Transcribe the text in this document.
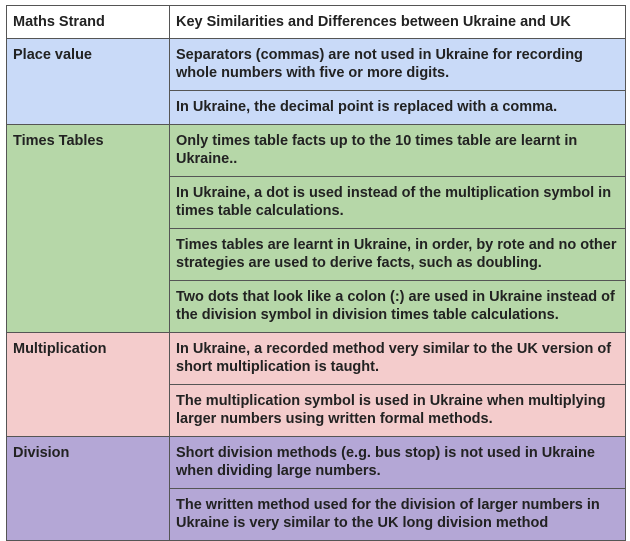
Maths Strand	Key Similarities and Differences between Ukraine and UK
Place value	Separators (commas) are not used in Ukraine for recording whole numbers with five or more digits.
	In Ukraine, the decimal point is replaced with a comma.
Times Tables	Only times table facts up to the 10 times table are learnt in Ukraine..
	In Ukraine, a dot is used instead of the multiplication symbol in times table calculations.
	Times tables are learnt in Ukraine, in order, by rote and no other strategies are used to derive facts, such as doubling.
	Two dots that look like a colon (:) are used in Ukraine instead of the division symbol in division times table calculations.
Multiplication	In Ukraine, a recorded method very similar to the UK version of short multiplication is taught.
	The multiplication symbol is used in Ukraine when multiplying larger numbers using written formal methods.
Division	Short division methods (e.g. bus stop) is not used in Ukraine when dividing large numbers.
	The written method used for the division of larger numbers in Ukraine is very similar to the UK long division method
